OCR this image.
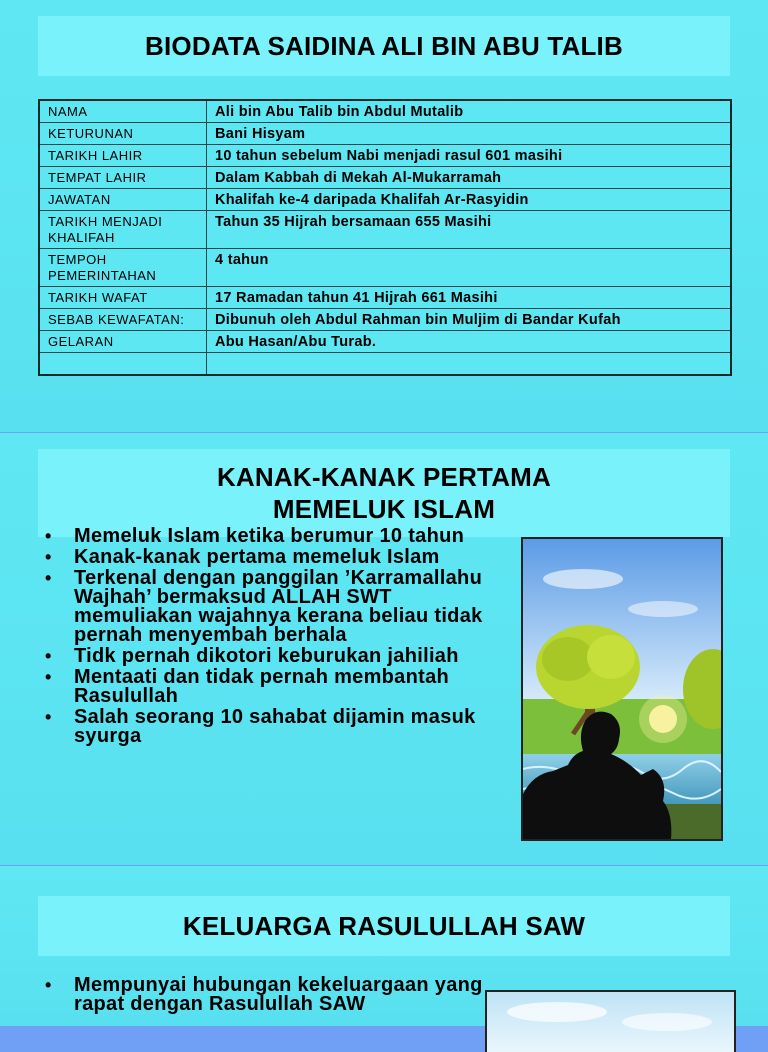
BIODATA SAIDINA ALI BIN ABU TALIB
NAMA	Ali bin Abu Talib bin Abdul Mutalib
KETURUNAN	Bani Hisyam
TARIKH LAHIR	10 tahun sebelum Nabi menjadi rasul 601 masihi
TEMPAT LAHIR	Dalam Kabbah di Mekah Al-Mukarramah
JAWATAN	Khalifah ke-4 daripada Khalifah Ar-Rasyidin
TARIKH MENJADI KHALIFAH	Tahun 35 Hijrah bersamaan 655 Masihi
TEMPOH PEMERINTAHAN	4 tahun
TARIKH WAFAT	17 Ramadan tahun 41 Hijrah 661 Masihi
SEBAB KEWAFATAN:	Dibunuh oleh Abdul Rahman bin Muljim di Bandar Kufah
GELARAN	Abu Hasan/Abu Turab.

KANAK-KANAK PERTAMA
MEMELUK ISLAM
• Memeluk Islam ketika berumur 10 tahun
• Kanak-kanak pertama memeluk Islam
• Terkenal dengan panggilan ’Karramallahu Wajhah’ bermaksud ALLAH SWT memuliakan wajahnya kerana beliau tidak pernah menyembah berhala
• Tidk pernah dikotori keburukan jahiliah
• Mentaati dan tidak pernah membantah Rasulullah
• Salah seorang 10 sahabat dijamin masuk syurga
KELUARGA RASULULLAH SAW
• Mempunyai hubungan kekeluargaan yang rapat dengan Rasulullah SAW
